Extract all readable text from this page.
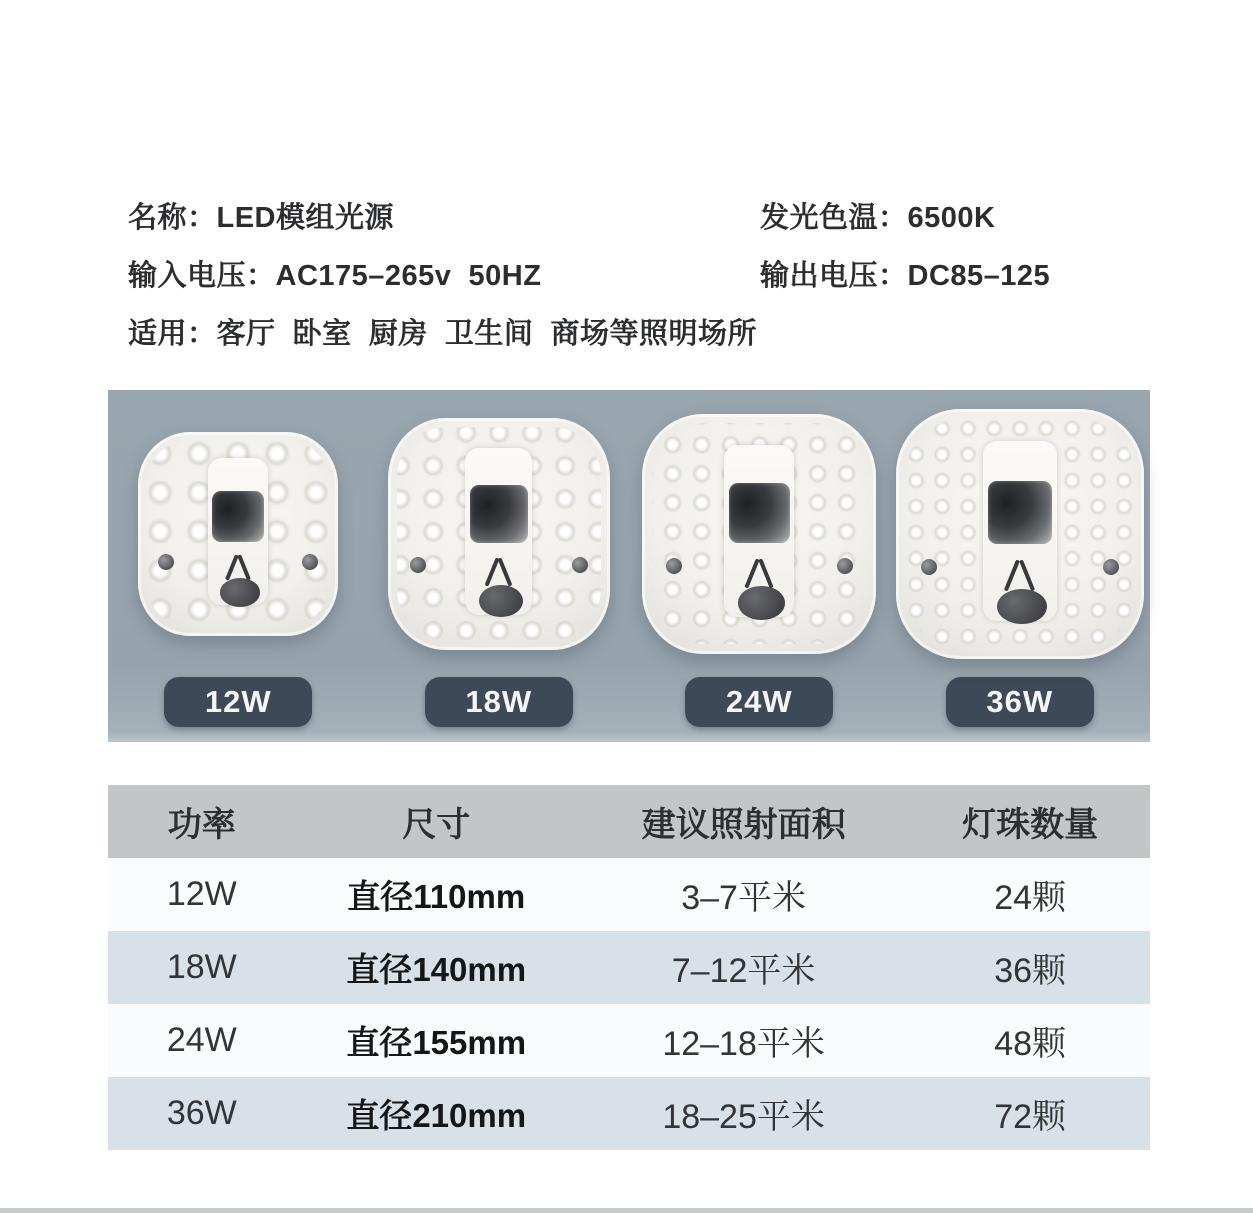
名称：LED模组光源	发光色温：6500K
输入电压：AC175–265v  50HZ	输出电压：DC85–125
适用：客厅  卧室  厨房  卫生间  商场等照明场所
12W	18W	24W	36W
功率	尺寸	建议照射面积	灯珠数量
12W	直径110mm	3–7平米	24颗
18W	直径140mm	7–12平米	36颗
24W	直径155mm	12–18平米	48颗
36W	直径210mm	18–25平米	72颗
